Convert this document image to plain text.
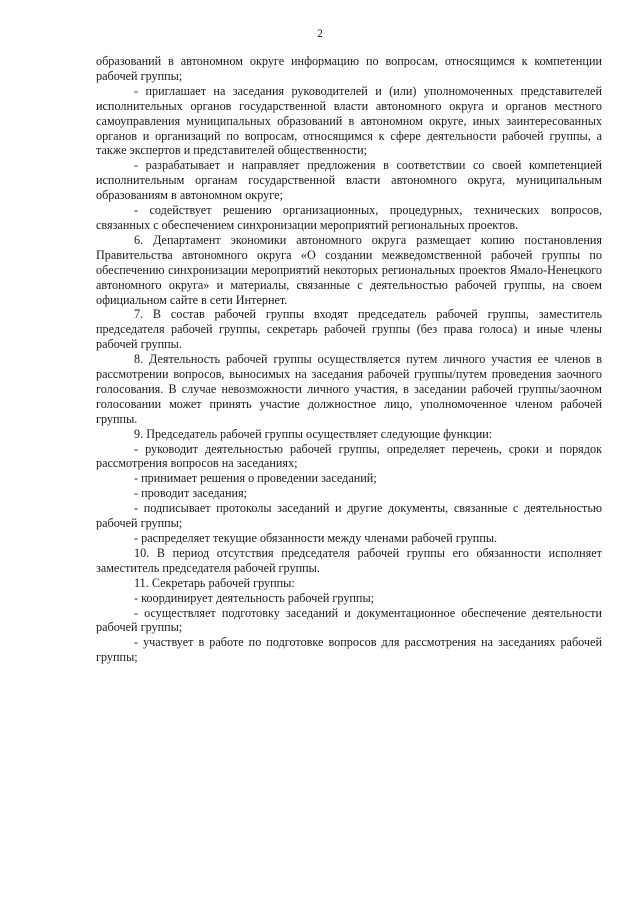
2

образований в автономном округе информацию по вопросам, относящимся к компетенции рабочей группы;

- приглашает на заседания руководителей и (или) уполномоченных представителей исполнительных органов государственной власти автономного округа и органов местного самоуправления муниципальных образований в автономном округе, иных заинтересованных органов и организаций по вопросам, относящимся к сфере деятельности рабочей группы, а также экспертов и представителей общественности;

- разрабатывает и направляет предложения в соответствии со своей компетенцией исполнительным органам государственной власти автономного округа, муниципальным образованиям в автономном округе;

- содействует решению организационных, процедурных, технических вопросов, связанных с обеспечением синхронизации мероприятий региональных проектов.

6. Департамент экономики автономного округа размещает копию постановления Правительства автономного округа «О создании межведомственной рабочей группы по обеспечению синхронизации мероприятий некоторых региональных проектов Ямало-Ненецкого автономного округа» и материалы, связанные с деятельностью рабочей группы, на своем официальном сайте в сети Интернет.

7. В состав рабочей группы входят председатель рабочей группы, заместитель председателя рабочей группы, секретарь рабочей группы (без права голоса) и иные члены рабочей группы.

8. Деятельность рабочей группы осуществляется путем личного участия ее членов в рассмотрении вопросов, выносимых на заседания рабочей группы/путем проведения заочного голосования. В случае невозможности личного участия, в заседании рабочей группы/заочном голосовании может принять участие должностное лицо, уполномоченное членом рабочей группы.

9. Председатель рабочей группы осуществляет следующие функции:

- руководит деятельностью рабочей группы, определяет перечень, сроки и порядок рассмотрения вопросов на заседаниях;

- принимает решения о проведении заседаний;

- проводит заседания;

- подписывает протоколы заседаний и другие документы, связанные с деятельностью рабочей группы;

- распределяет текущие обязанности между членами рабочей группы.

10. В период отсутствия председателя рабочей группы его обязанности исполняет заместитель председателя рабочей группы.

11. Секретарь рабочей группы:

- координирует деятельность рабочей группы;

- осуществляет подготовку заседаний и документационное обеспечение деятельности рабочей группы;

- участвует в работе по подготовке вопросов для рассмотрения на заседаниях рабочей группы;
